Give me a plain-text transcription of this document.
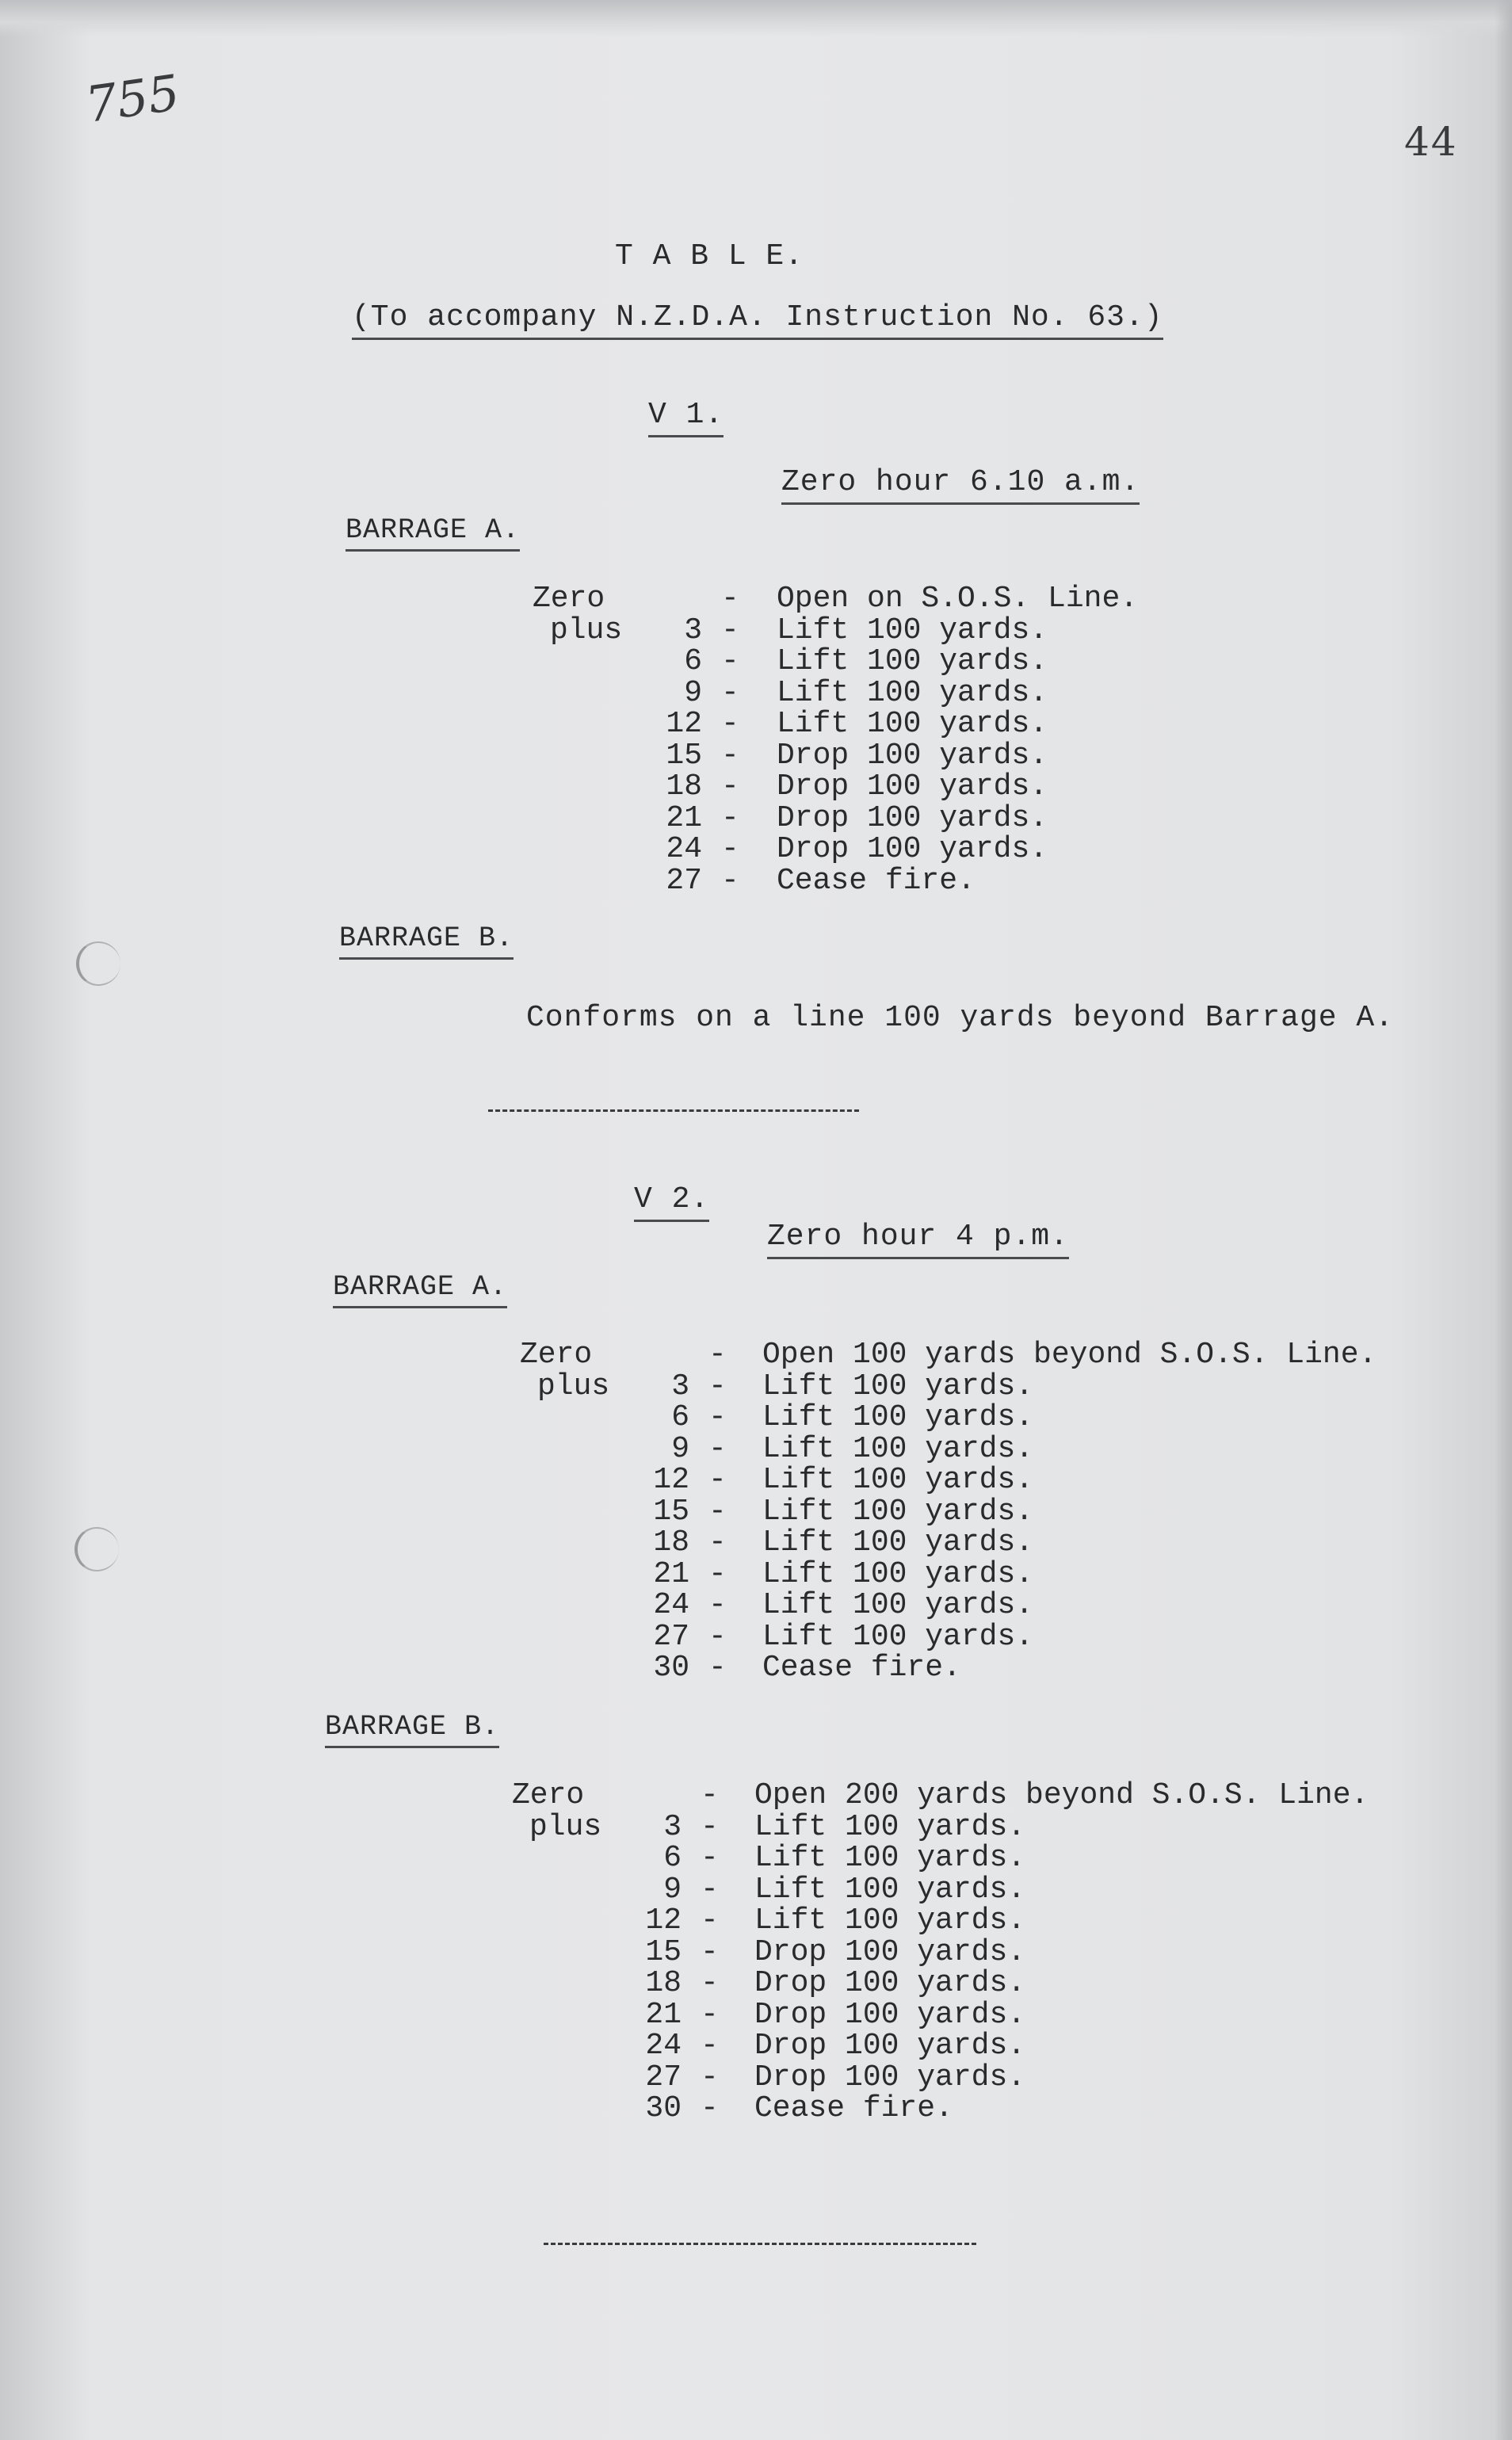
755
44
T A B L E.
(To accompany N.Z.D.A. Instruction No. 63.)
V 1.
Zero hour 6.10 a.m.
BARRAGE A.
Zero	- Open on S.O.S. Line.
plus	3 - Lift 100 yards.
6 - Lift 100 yards.
9 - Lift 100 yards.
12 - Lift 100 yards.
15 - Drop 100 yards.
18 - Drop 100 yards.
21 - Drop 100 yards.
24 - Drop 100 yards.
27 - Cease fire.
BARRAGE B.
Conforms on a line 100 yards beyond Barrage A.
V 2.
Zero hour 4 p.m.
BARRAGE A.
Zero	- Open 100 yards beyond S.O.S. Line.
plus	3 - Lift 100 yards.
6 - Lift 100 yards.
9 - Lift 100 yards.
12 - Lift 100 yards.
15 - Lift 100 yards.
18 - Lift 100 yards.
21 - Lift 100 yards.
24 - Lift 100 yards.
27 - Lift 100 yards.
30 - Cease fire.
BARRAGE B.
Zero	- Open 200 yards beyond S.O.S. Line.
plus	3 - Lift 100 yards.
6 - Lift 100 yards.
9 - Lift 100 yards.
12 - Lift 100 yards.
15 - Drop 100 yards.
18 - Drop 100 yards.
21 - Drop 100 yards.
24 - Drop 100 yards.
27 - Drop 100 yards.
30 - Cease fire.
